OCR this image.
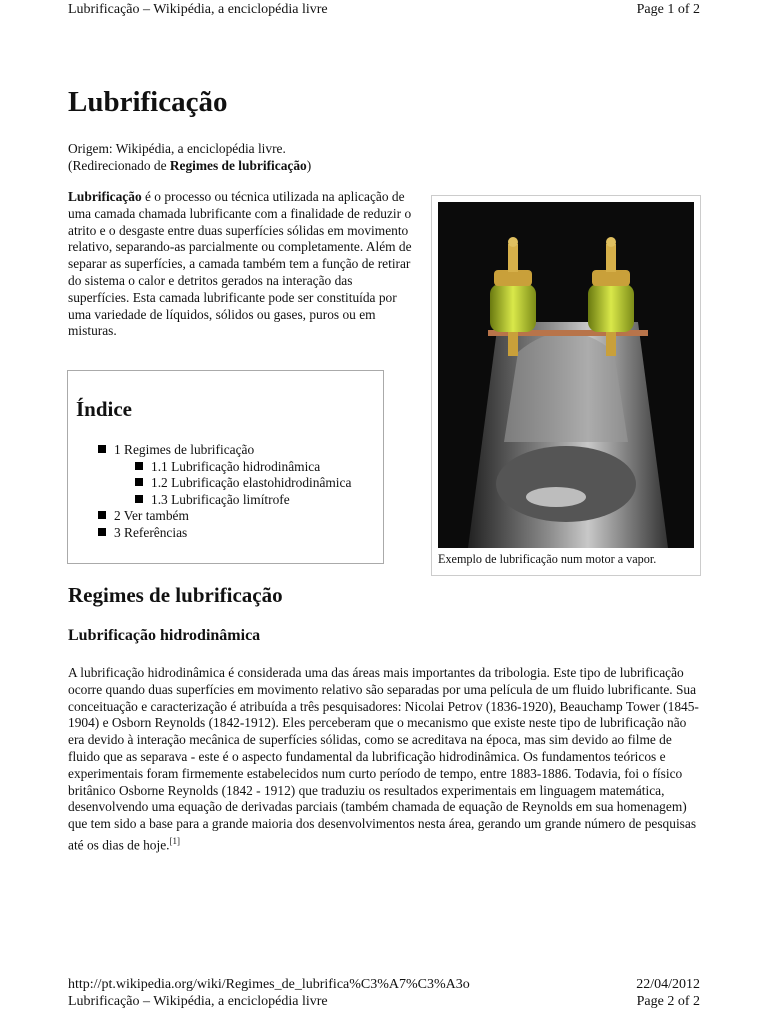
Lubrificação – Wikipédia, a enciclopédia livre	Page 1 of 2
Lubrificação
Origem: Wikipédia, a enciclopédia livre.
(Redirecionado de Regimes de lubrificação)
Lubrificação é o processo ou técnica utilizada na aplicação de uma camada chamada lubrificante com a finalidade de reduzir o atrito e o desgaste entre duas superfícies sólidas em movimento relativo, separando-as parcialmente ou completamente. Além de separar as superfícies, a camada também tem a função de retirar do sistema o calor e detritos gerados na interação das superfícies. Esta camada lubrificante pode ser constituída por uma variedade de líquidos, sólidos ou gases, puros ou em misturas.
Índice
1 Regimes de lubrificação
1.1 Lubrificação hidrodinâmica
1.2 Lubrificação elastohidrodinâmica
1.3 Lubrificação limítrofe
2 Ver também
3 Referências
Exemplo de lubrificação num motor a vapor.
Regimes de lubrificação
Lubrificação hidrodinâmica
A lubrificação hidrodinâmica é considerada uma das áreas mais importantes da tribologia. Este tipo de lubrificação ocorre quando duas superfícies em movimento relativo são separadas por uma película de um fluido lubrificante. Sua conceituação e caracterização é atribuída a três pesquisadores: Nicolai Petrov (1836-1920), Beauchamp Tower (1845-1904) e Osborn Reynolds (1842-1912). Eles perceberam que o mecanismo que existe neste tipo de lubrificação não era devido à interação mecânica de superfícies sólidas, como se acreditava na época, mas sim devido ao filme de fluido que as separava - este é o aspecto fundamental da lubrificação hidrodinâmica. Os fundamentos teóricos e experimentais foram firmemente estabelecidos num curto período de tempo, entre 1883-1886. Todavia, foi o físico britânico Osborne Reynolds (1842 - 1912) que traduziu os resultados experimentais em linguagem matemática, desenvolvendo uma equação de derivadas parciais (também chamada de equação de Reynolds em sua homenagem) que tem sido a base para a grande maioria dos desenvolvimentos nesta área, gerando um grande número de pesquisas até os dias de hoje.[1]
http://pt.wikipedia.org/wiki/Regimes_de_lubrifica%C3%A7%C3%A3o	22/04/2012
Lubrificação – Wikipédia, a enciclopédia livre	Page 2 of 2
